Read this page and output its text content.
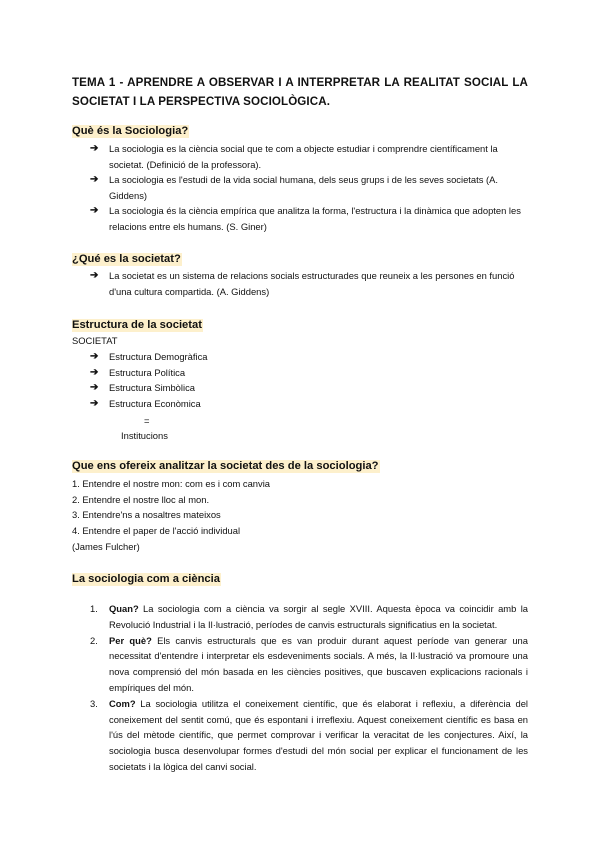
TEMA 1 - APRENDRE A OBSERVAR I A INTERPRETAR LA REALITAT SOCIAL LA SOCIETAT I LA PERSPECTIVA SOCIOLÒGICA.
Què és la Sociologia?
➔ La sociologia es la ciència social que te com a objecte estudiar i comprendre científicament la societat. (Definició de la professora).
➔ La sociologia es l'estudi de la vida social humana, dels seus grups i de les seves societats (A. Giddens)
➔ La sociologia és la ciència empírica que analitza la forma, l'estructura i la dinàmica que adopten les relacions entre els humans. (S. Giner)
¿Qué es la societat?
➔ La societat es un sistema de relacions socials estructurades que reuneix a les persones en funció d'una cultura compartida. (A. Giddens)
Estructura de la societat
SOCIETAT
➔ Estructura Demogràfica
➔ Estructura Política
➔ Estructura Simbòlica
➔ Estructura Econòmica
=
Institucions
Que ens ofereix analitzar la societat des de la sociologia?
1. Entendre el nostre mon: com es i com canvia
2. Entendre el nostre lloc al mon.
3. Entendre'ns a nosaltres mateixos
4. Entendre el paper de l'acció individual
(James Fulcher)
La sociologia com a ciència
1. Quan? La sociologia com a ciència va sorgir al segle XVIII. Aquesta època va coincidir amb la Revolució Industrial i la Il·lustració, períodes de canvis estructurals significatius en la societat.
2. Per què? Els canvis estructurals que es van produir durant aquest període van generar una necessitat d'entendre i interpretar els esdeveniments socials. A més, la Il·lustració va promoure una nova comprensió del món basada en les ciències positives, que buscaven explicacions racionals i empíriques del món.
3. Com? La sociologia utilitza el coneixement científic, que és elaborat i reflexiu, a diferència del coneixement del sentit comú, que és espontani i irreflexiu. Aquest coneixement científic es basa en l'ús del mètode científic, que permet comprovar i verificar la veracitat de les conjectures. Així, la sociologia busca desenvolupar formes d'estudi del món social per explicar el funcionament de les societats i la lògica del canvi social.
